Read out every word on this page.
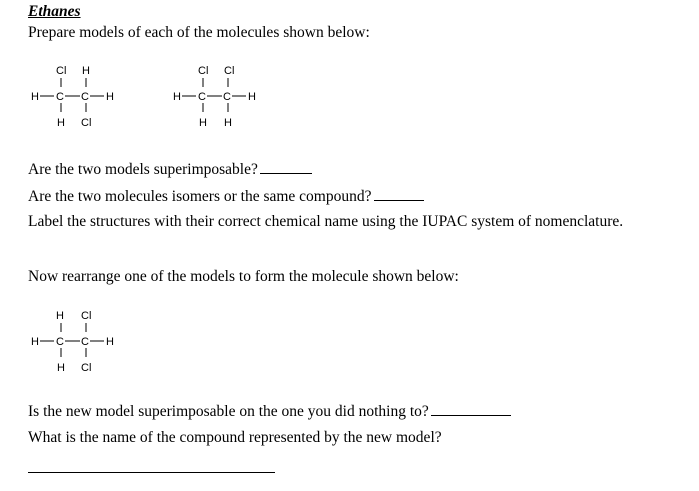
Ethanes
Prepare models of each of the molecules shown below:
Cl H
H C C H
H Cl
Cl Cl
H C C H
H H
Are the two models superimposable?
Are the two molecules isomers or the same compound?
Label the structures with their correct chemical name using the IUPAC system of nomenclature.
Now rearrange one of the models to form the molecule shown below:
H Cl
H C C H
H Cl
Is the new model superimposable on the one you did nothing to?
What is the name of the compound represented by the new model?
